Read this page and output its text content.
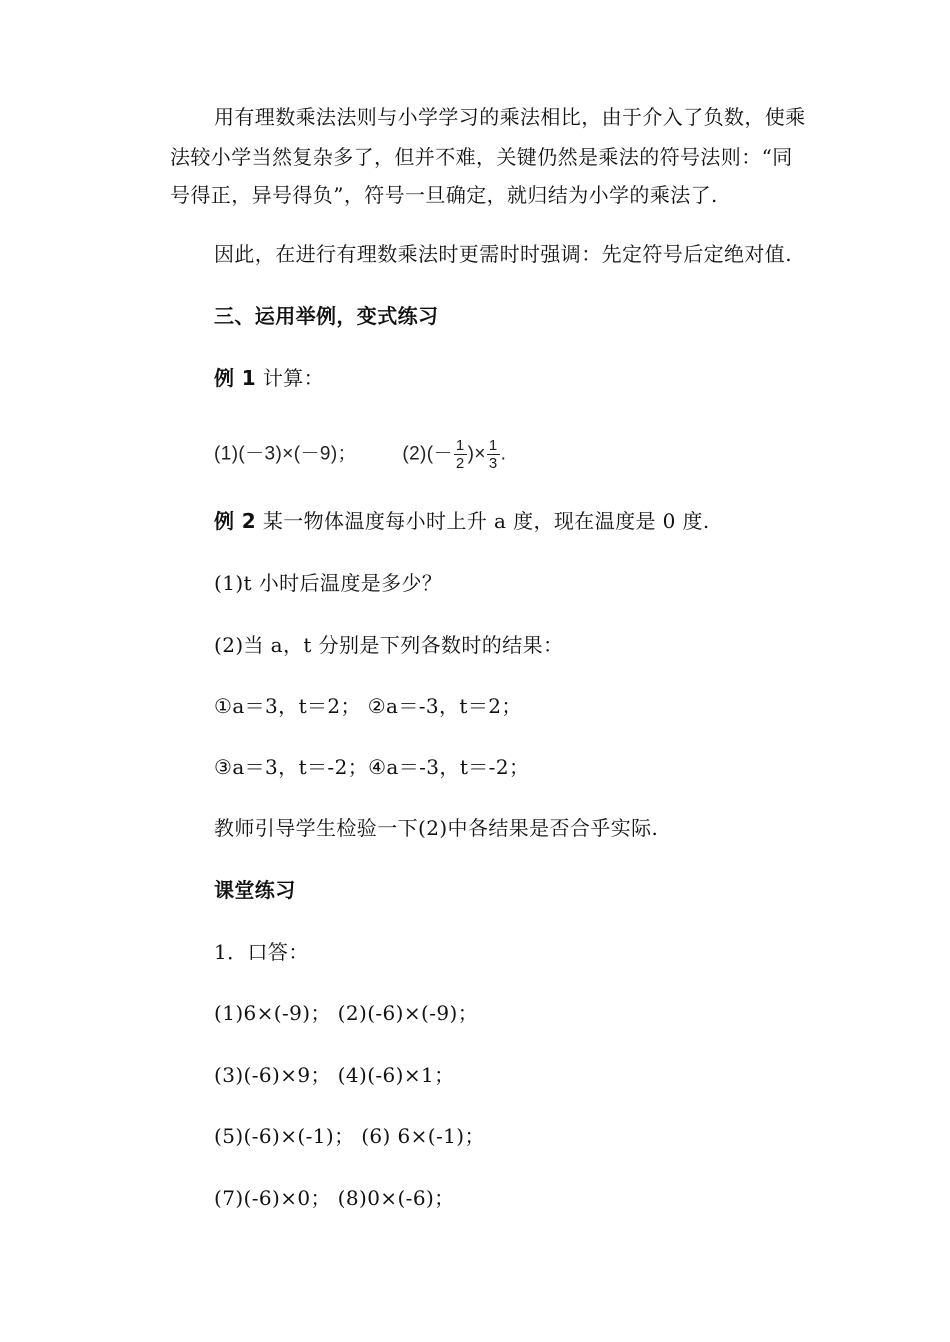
用有理数乘法法则与小学学习的乘法相比，由于介入了负数，使乘
法较小学当然复杂多了，但并不难，关键仍然是乘法的符号法则：“同
号得正，异号得负”，符号一旦确定，就归结为小学的乘法了.
因此，在进行有理数乘法时更需时时强调：先定符号后定绝对值.
三、运用举例，变式练习
例 1 计算：
(1)(－3)×(－9)； $(2)(- \frac{1}{2}$ )× $\frac{1}{3}$ .
例 2 某一物体温度每小时上升 a 度，现在温度是 0 度.
(1)t 小时后温度是多少？
(2)当 a，t 分别是下列各数时的结果：
①a＝3，t＝2； ②a＝-3，t＝2；
③a＝3，t＝-2；④a＝-3，t＝-2；
教师引导学生检验一下(2)中各结果是否合乎实际.
课堂练习
1．口答：
(1)6×(-9)； (2)(-6)×(-9)；
(3)(-6)×9； (4)(-6)×1；
(5)(-6)×(-1)； (6) 6×(-1)；
(7)(-6)×0； (8)0×(-6)；
